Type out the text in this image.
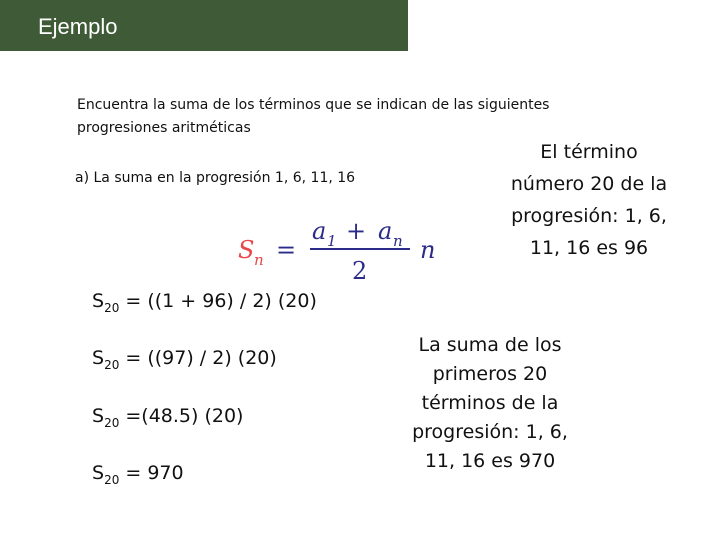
Ejemplo
Encuentra la suma de los términos que se indican de las siguientes progresiones aritméticas
a) La suma en la progresión 1, 6, 11, 16
S n
a 1 a n n
=
+
2
El término número 20 de la progresión: 1, 6, 11, 16 es 96
La suma de los primeros 20 términos de la progresión: 1, 6, 11, 16 es 970
$S_{20} = ((1 + 96) / 2)$ (20)
$S_{20} = ((97) / 2)$ (20)
$S_{20} =(48.5)$ (20)
$S_{20} = 970$
